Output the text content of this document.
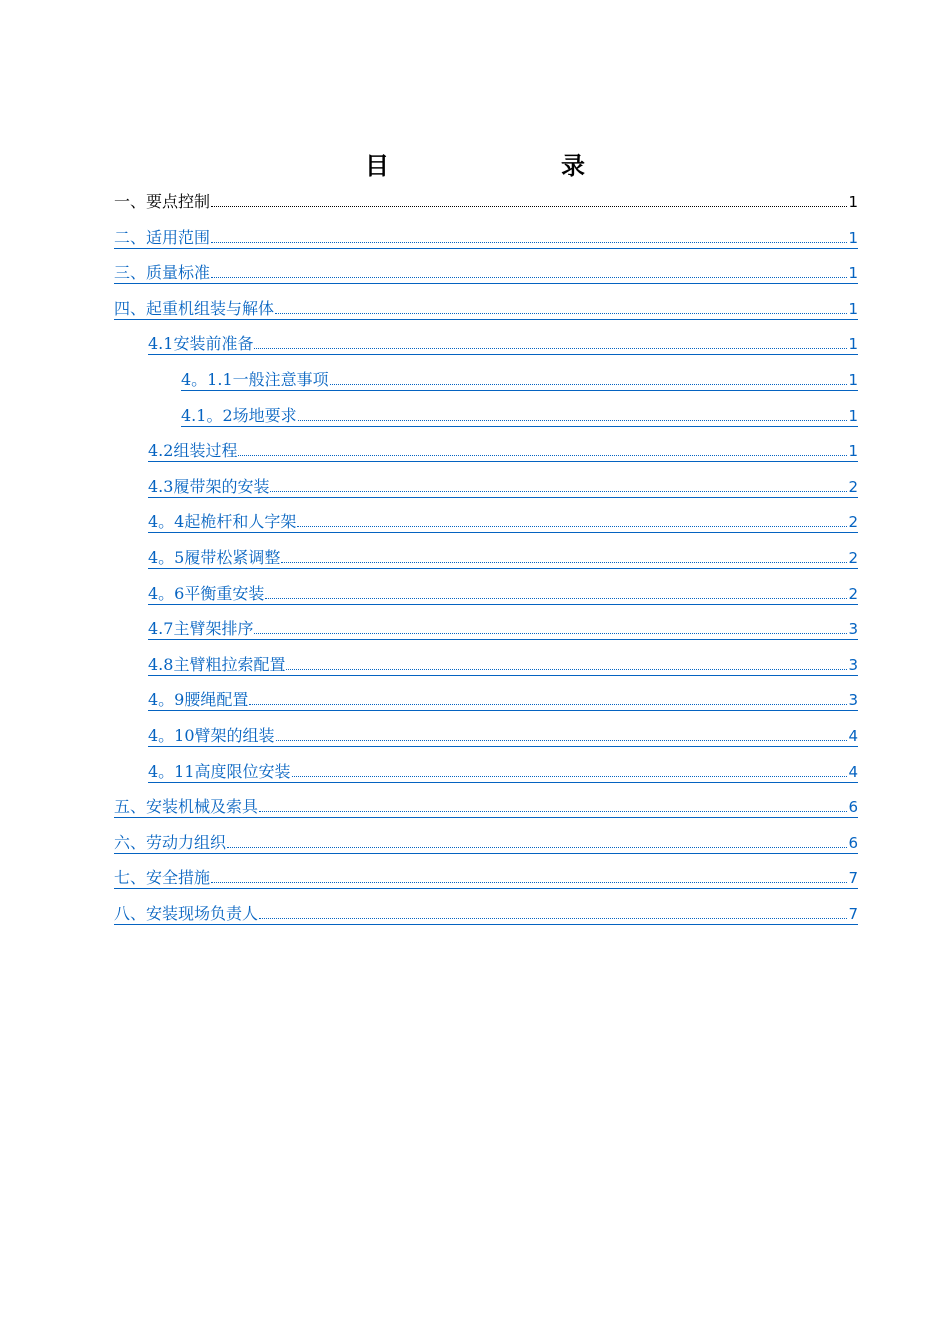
目　录
一、要点控制	1
二、适用范围	1
三、质量标准	1
四、起重机组装与解体	1
4.1安装前准备	1
4。1.1一般注意事项	1
4.1。2场地要求	1
4.2组装过程	1
4.3履带架的安装	2
4。4起桅杆和人字架	2
4。5履带松紧调整	2
4。6平衡重安装	2
4.7主臂架排序	3
4.8主臂粗拉索配置	3
4。9腰绳配置	3
4。10臂架的组装	4
4。11高度限位安装	4
五、安装机械及索具	6
六、劳动力组织	6
七、安全措施	7
八、安装现场负责人	7
